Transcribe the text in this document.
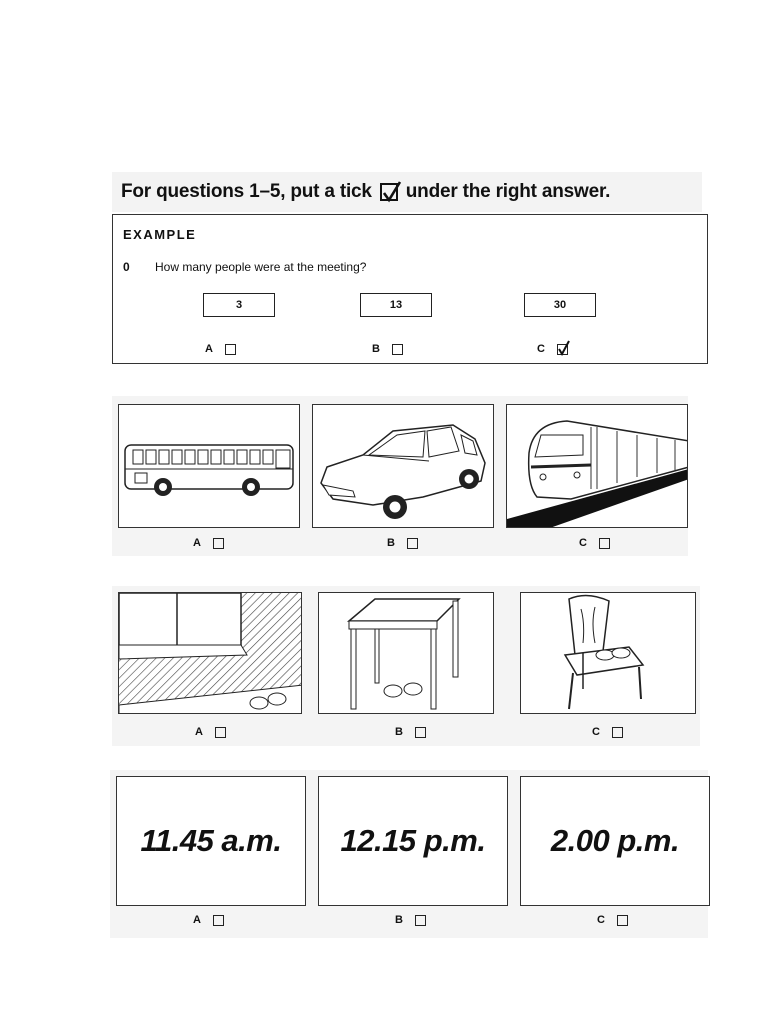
For questions 1–5, put a tick under the right answer.
EXAMPLE
0 How many people were at the meeting?
3	13	30
A	B	C
A	B	C
A	B	C
11.45 a.m. 12.15 p.m. 2.00 p.m.
A	B	C
